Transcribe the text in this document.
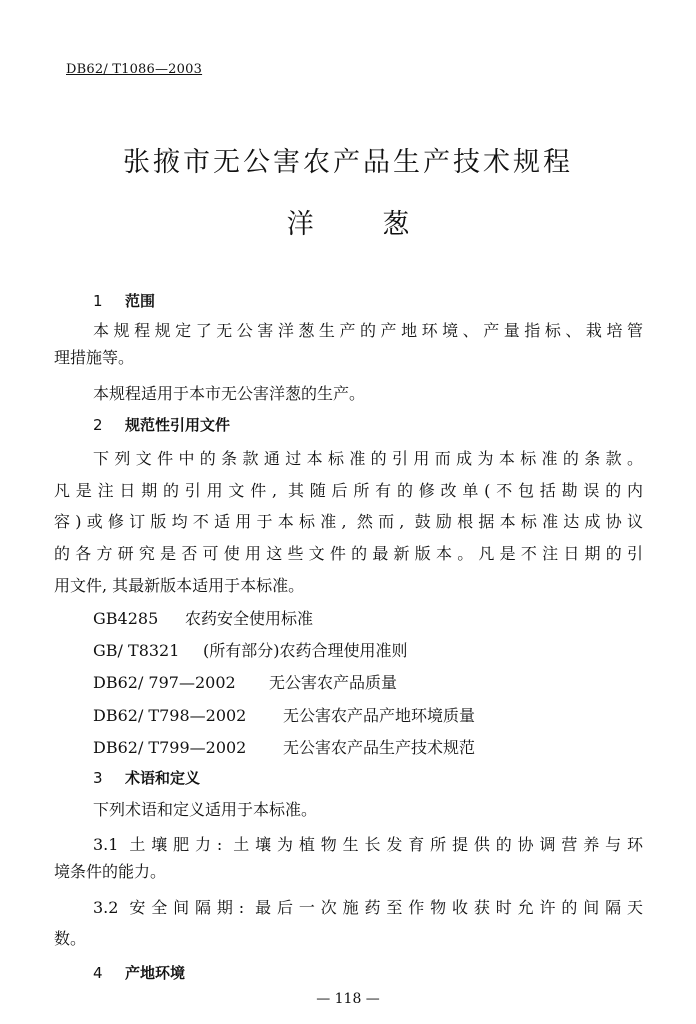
DB62/ T1086—2003
张掖市无公害农产品生产技术规程
洋	葱
1 范围
本规程规定了无公害洋葱生产的产地环境、产量指标、栽培管
理措施等。
本规程适用于本市无公害洋葱的生产。
2 规范性引用文件
下列文件中的条款通过本标准的引用而成为本标准的条款。
凡是注日期的引用文件, 其随后所有的修改单(不包括勘误的内
容)或修订版均不适用于本标准, 然而, 鼓励根据本标准达成协议
的各方研究是否可使用这些文件的最新版本。凡是不注日期的引
用文件, 其最新版本适用于本标准。
GB4285 农药安全使用标准
GB/ T8321 (所有部分)农药合理使用准则
DB62/ 797—2002 无公害农产品质量
DB62/ T798—2002 无公害农产品产地环境质量
DB62/ T799—2002 无公害农产品生产技术规范
3 术语和定义
下列术语和定义适用于本标准。
3.1 土壤肥力: 土壤为植物生长发育所提供的协调营养与环
境条件的能力。
3.2 安全间隔期: 最后一次施药至作物收获时允许的间隔天
数。
4 产地环境
— 118 —
